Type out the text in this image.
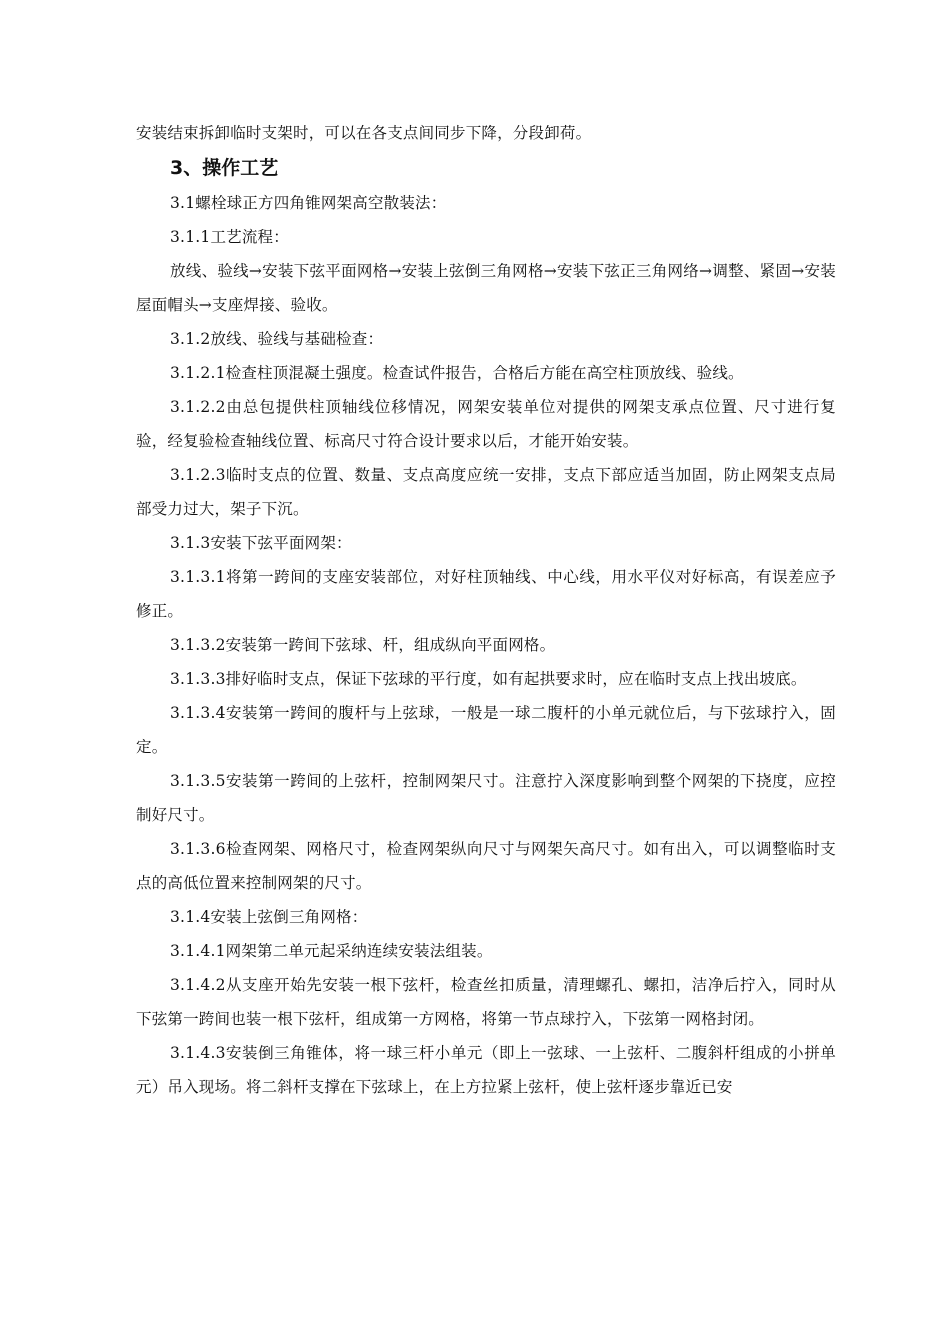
安装结束拆卸临时支架时，可以在各支点间同步下降，分段卸荷。

3、操作工艺

3.1螺栓球正方四角锥网架高空散装法：

3.1.1工艺流程：

放线、验线→安装下弦平面网格→安装上弦倒三角网格→安装下弦正三角网络→调整、紧固→安装屋面帽头→支座焊接、验收。

3.1.2放线、验线与基础检查：

3.1.2.1检查柱顶混凝土强度。检查试件报告，合格后方能在高空柱顶放线、验线。

3.1.2.2由总包提供柱顶轴线位移情况，网架安装单位对提供的网架支承点位置、尺寸进行复验，经复验检查轴线位置、标高尺寸符合设计要求以后，才能开始安装。

3.1.2.3临时支点的位置、数量、支点高度应统一安排，支点下部应适当加固，防止网架支点局部受力过大，架子下沉。

3.1.3安装下弦平面网架：

3.1.3.1将第一跨间的支座安装部位，对好柱顶轴线、中心线，用水平仪对好标高，有误差应予修正。

3.1.3.2安装第一跨间下弦球、杆，组成纵向平面网格。

3.1.3.3排好临时支点，保证下弦球的平行度，如有起拱要求时，应在临时支点上找出坡底。

3.1.3.4安装第一跨间的腹杆与上弦球，一般是一球二腹杆的小单元就位后，与下弦球拧入，固定。

3.1.3.5安装第一跨间的上弦杆，控制网架尺寸。注意拧入深度影响到整个网架的下挠度，应控制好尺寸。

3.1.3.6检查网架、网格尺寸，检查网架纵向尺寸与网架矢高尺寸。如有出入，可以调整临时支点的高低位置来控制网架的尺寸。

3.1.4安装上弦倒三角网格：

3.1.4.1网架第二单元起采纳连续安装法组装。

3.1.4.2从支座开始先安装一根下弦杆，检查丝扣质量，清理螺孔、螺扣，洁净后拧入，同时从下弦第一跨间也装一根下弦杆，组成第一方网格，将第一节点球拧入，下弦第一网格封闭。

3.1.4.3安装倒三角锥体，将一球三杆小单元（即上一弦球、一上弦杆、二腹斜杆组成的小拼单元）吊入现场。将二斜杆支撑在下弦球上，在上方拉紧上弦杆，使上弦杆逐步靠近已安
